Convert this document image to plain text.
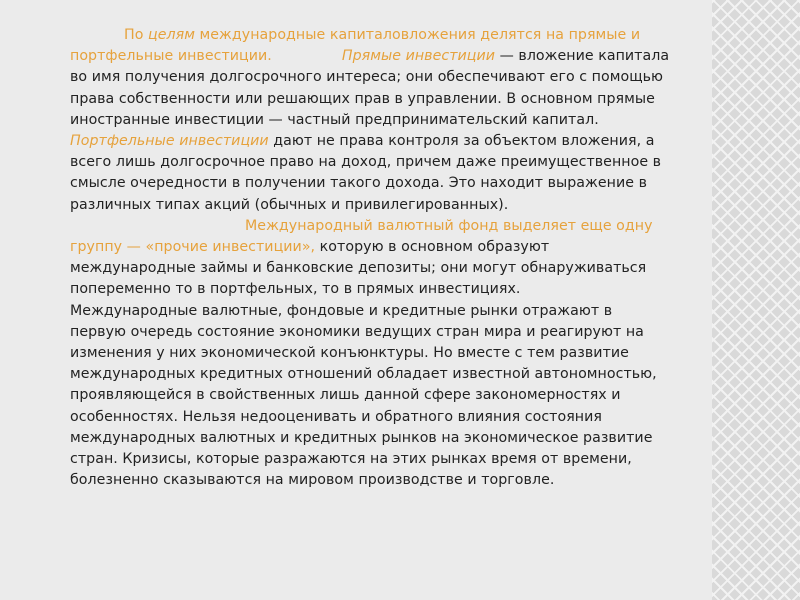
По целям международные капиталовложения делятся на прямые и портфельные инвестиции.	Прямые инвестиции — вложение капитала во имя получения долгосрочного интереса; они обеспечивают его с помощью права собственности или решающих прав в управлении. В основном прямые иностранные инвестиции — частный предпринимательский капитал.Портфельные инвестиции дают не права контроля за объектом вложения, а всего лишь долгосрочное право на доход, причем даже преимущественное в смысле очередности в получении такого дохода. Это находит выражение в различных типах акций (обычных и привилегированных).Международный валютный фонд выделяет еще одну группу — «прочие инвестиции», которую в основном образуют международные займы и банковские депозиты; они могут обнаруживаться попеременно то в портфельных, то в прямых инвестициях.Международные валютные, фондовые и кредитные рынки отражают в первую очередь состояние экономики ведущих стран мира и реагируют на изменения у них экономической конъюнктуры. Но вместе с тем развитие международных кредитных отношений обладает известной автономностью, проявляющейся в свойственных лишь данной сфере закономерностях и особенностях. Нельзя недооценивать и обратного влияния состояния международных валютных и кредитных рынков на экономическое развитие стран. Кризисы, которые разражаются на этих рынках время от времени, болезненно сказываются на мировом производстве и торговле.
